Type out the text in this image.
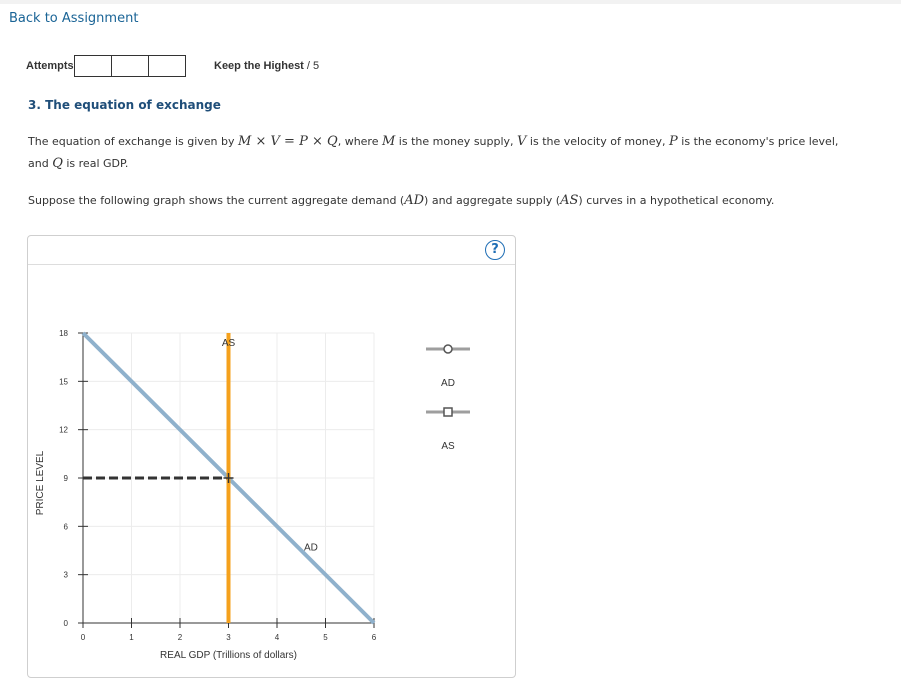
Back to Assignment
Attempts	Keep the Highest / 5
3. The equation of exchange
The equation of exchange is given by M × V = P × Q, where M is the money supply, V is the velocity of money, P is the economy's price level,
and Q is real GDP.
Suppose the following graph shows the current aggregate demand (AD) and aggregate supply (AS) curves in a hypothetical economy.
?
0	1	2	3	4	5	6
0
3
6
9
12
15
18
REAL GDP (Trillions of dollars)
PRICE LEVEL
AD
AS
AD
AS
